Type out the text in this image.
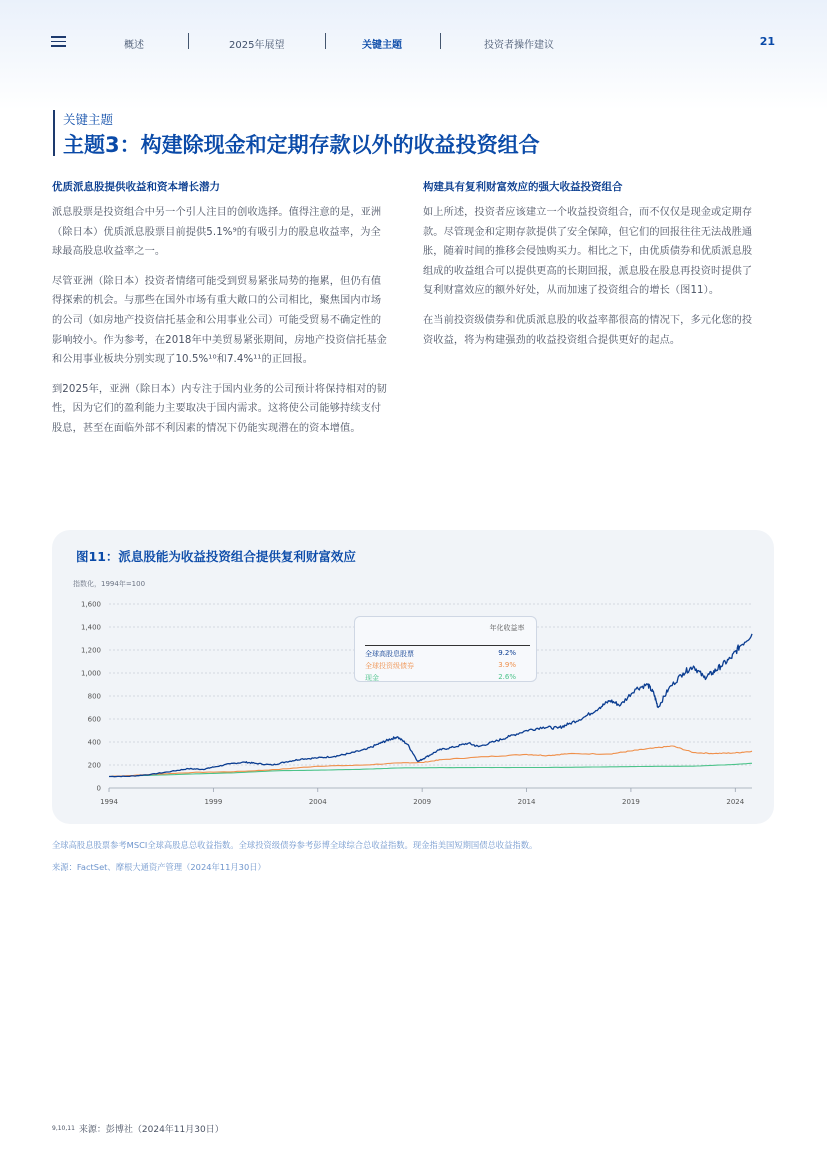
概述	2025年展望	关键主题	投资者操作建议	21
关键主题
主题3：构建除现金和定期存款以外的收益投资组合
优质派息股提供收益和资本增长潜力

派息股票是投资组合中另一个引人注目的创收选择。值得注意的是，亚洲（除日本）优质派息股票目前提供5.1%⁹的有吸引力的股息收益率，为全球最高股息收益率之一。

尽管亚洲（除日本）投资者情绪可能受到贸易紧张局势的拖累，但仍有值得探索的机会。与那些在国外市场有重大敞口的公司相比，聚焦国内市场的公司（如房地产投资信托基金和公用事业公司）可能受贸易不确定性的影响较小。作为参考，在2018年中美贸易紧张期间，房地产投资信托基金和公用事业板块分别实现了10.5%¹⁰和7.4%¹¹的正回报。

到2025年，亚洲（除日本）内专注于国内业务的公司预计将保持相对的韧性，因为它们的盈利能力主要取决于国内需求。这将使公司能够持续支付股息，甚至在面临外部不利因素的情况下仍能实现潜在的资本增值。

构建具有复利财富效应的强大收益投资组合

如上所述，投资者应该建立一个收益投资组合，而不仅仅是现金或定期存款。尽管现金和定期存款提供了安全保障，但它们的回报往往无法战胜通胀，随着时间的推移会侵蚀购买力。相比之下，由优质债券和优质派息股组成的收益组合可以提供更高的长期回报，派息股在股息再投资时提供了复利财富效应的额外好处，从而加速了投资组合的增长（图11）。

在当前投资级债券和优质派息股的收益率都很高的情况下，多元化您的投资收益，将为构建强劲的收益投资组合提供更好的起点。

图11：派息股能为收益投资组合提供复利财富效应
指数化，1994年=100
0
200
400
600
800
1,000
1,200
1,400
1,600
1994	1999	2004	2009	2014	2019	2024
年化收益率
全球高股息股票	9.2%
全球投资级债券	3.9%
现金	2.6%
全球高股息股票参考MSCI全球高股息总收益指数。全球投资级债券参考彭博全球综合总收益指数。现金指美国短期国债总收益指数。
来源：FactSet、摩根大通资产管理（2024年11月30日）
$^{9,10,11}$ 来源：彭博社（2024年11月30日）
